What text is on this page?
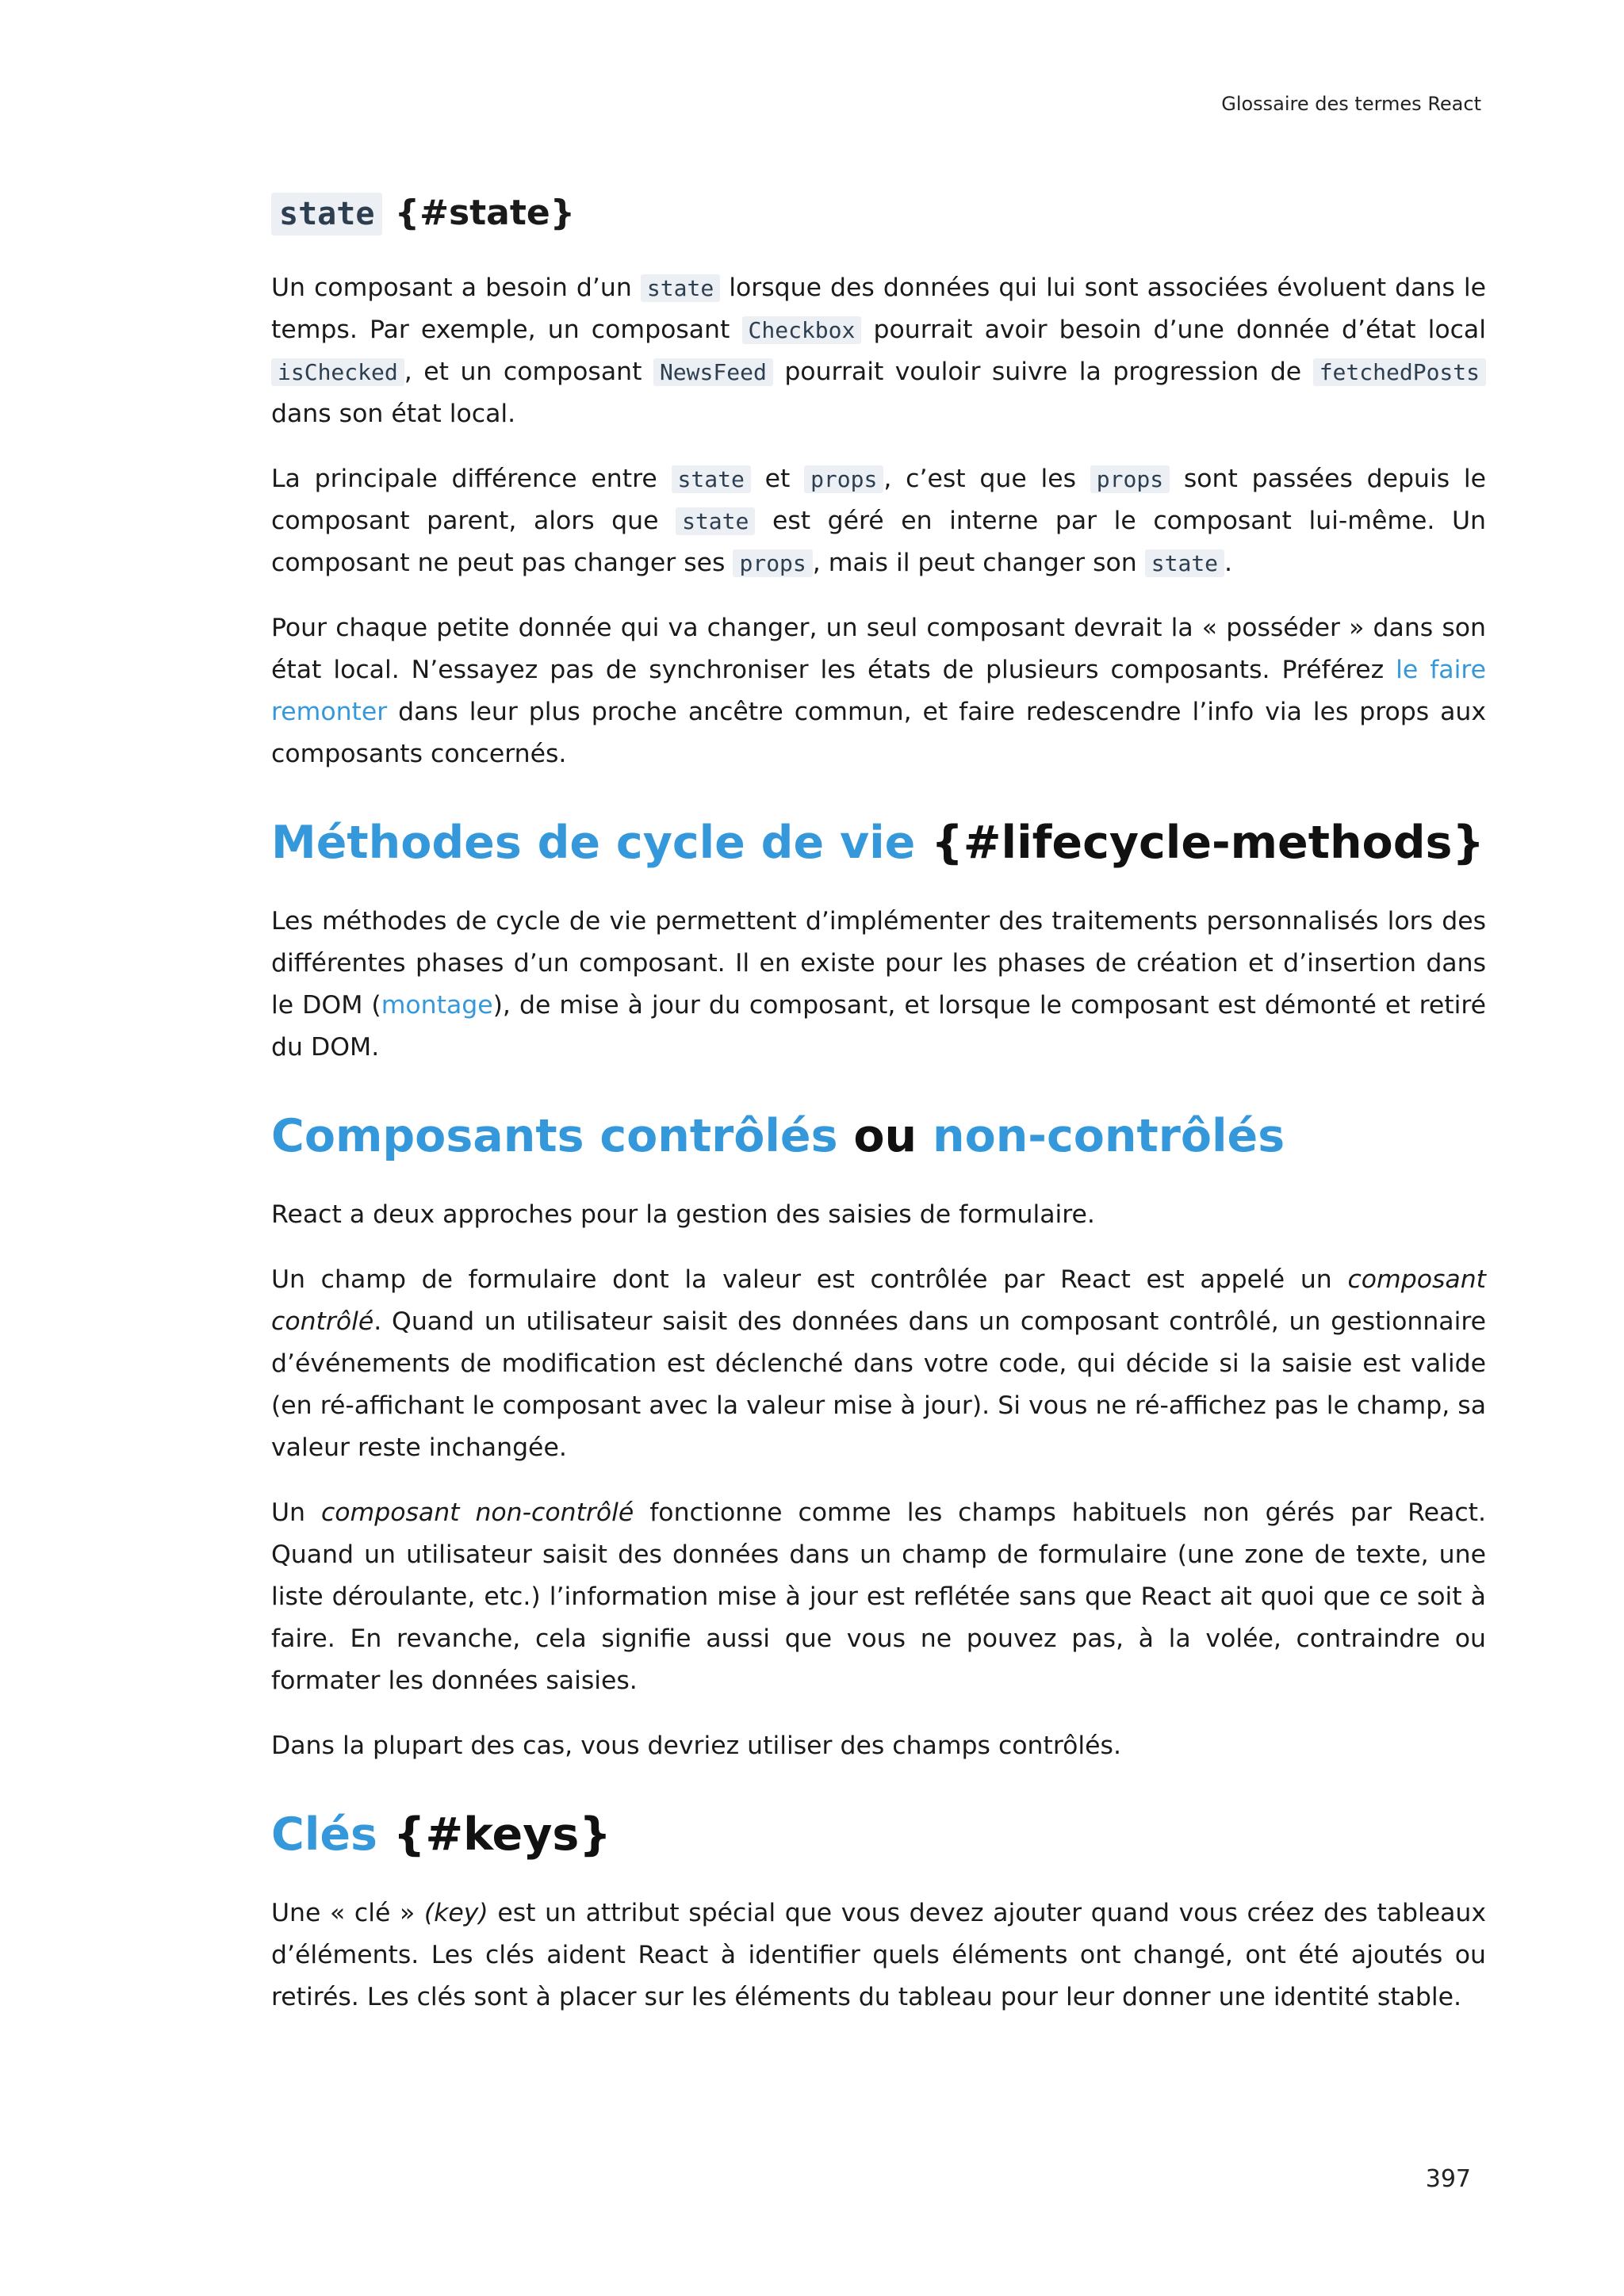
Glossaire des termes React
state {#state}

Un composant a besoin d’un state lorsque des données qui lui sont associées évoluent dans le temps. Par exemple, un composant Checkbox pourrait avoir besoin d’une donnée d’état local isChecked , et un composant NewsFeed pourrait vouloir suivre la progression de fetchedPosts dans son état local.

La principale différence entre state et props , c’est que les props sont passées depuis le composant parent, alors que state est géré en interne par le composant lui-même. Un composant ne peut pas changer ses props , mais il peut changer son state .

Pour chaque petite donnée qui va changer, un seul composant devrait la « posséder » dans son état local. N’essayez pas de synchroniser les états de plusieurs composants. Préférez le faire remonter dans leur plus proche ancêtre commun, et faire redescendre l’info via les props aux composants concernés.

Méthodes de cycle de vie {#lifecycle-methods}

Les méthodes de cycle de vie permettent d’implémenter des traitements personnalisés lors des différentes phases d’un composant. Il en existe pour les phases de création et d’insertion dans le DOM (montage), de mise à jour du composant, et lorsque le composant est démonté et retiré du DOM.

Composants contrôlés ou non-contrôlés

React a deux approches pour la gestion des saisies de formulaire.

Un champ de formulaire dont la valeur est contrôlée par React est appelé un composant contrôlé. Quand un utilisateur saisit des données dans un composant contrôlé, un gestionnaire d’événements de modification est déclenché dans votre code, qui décide si la saisie est valide (en ré-affichant le composant avec la valeur mise à jour). Si vous ne ré-affichez pas le champ, sa valeur reste inchangée.

Un composant non-contrôlé fonctionne comme les champs habituels non gérés par React. Quand un utilisateur saisit des données dans un champ de formulaire (une zone de texte, une liste déroulante, etc.) l’information mise à jour est reflétée sans que React ait quoi que ce soit à faire. En revanche, cela signifie aussi que vous ne pouvez pas, à la volée, contraindre ou formater les données saisies.

Dans la plupart des cas, vous devriez utiliser des champs contrôlés.

Clés {#keys}

Une « clé » (key) est un attribut spécial que vous devez ajouter quand vous créez des tableaux d’éléments. Les clés aident React à identifier quels éléments ont changé, ont été ajoutés ou retirés. Les clés sont à placer sur les éléments du tableau pour leur donner une identité stable.

397
